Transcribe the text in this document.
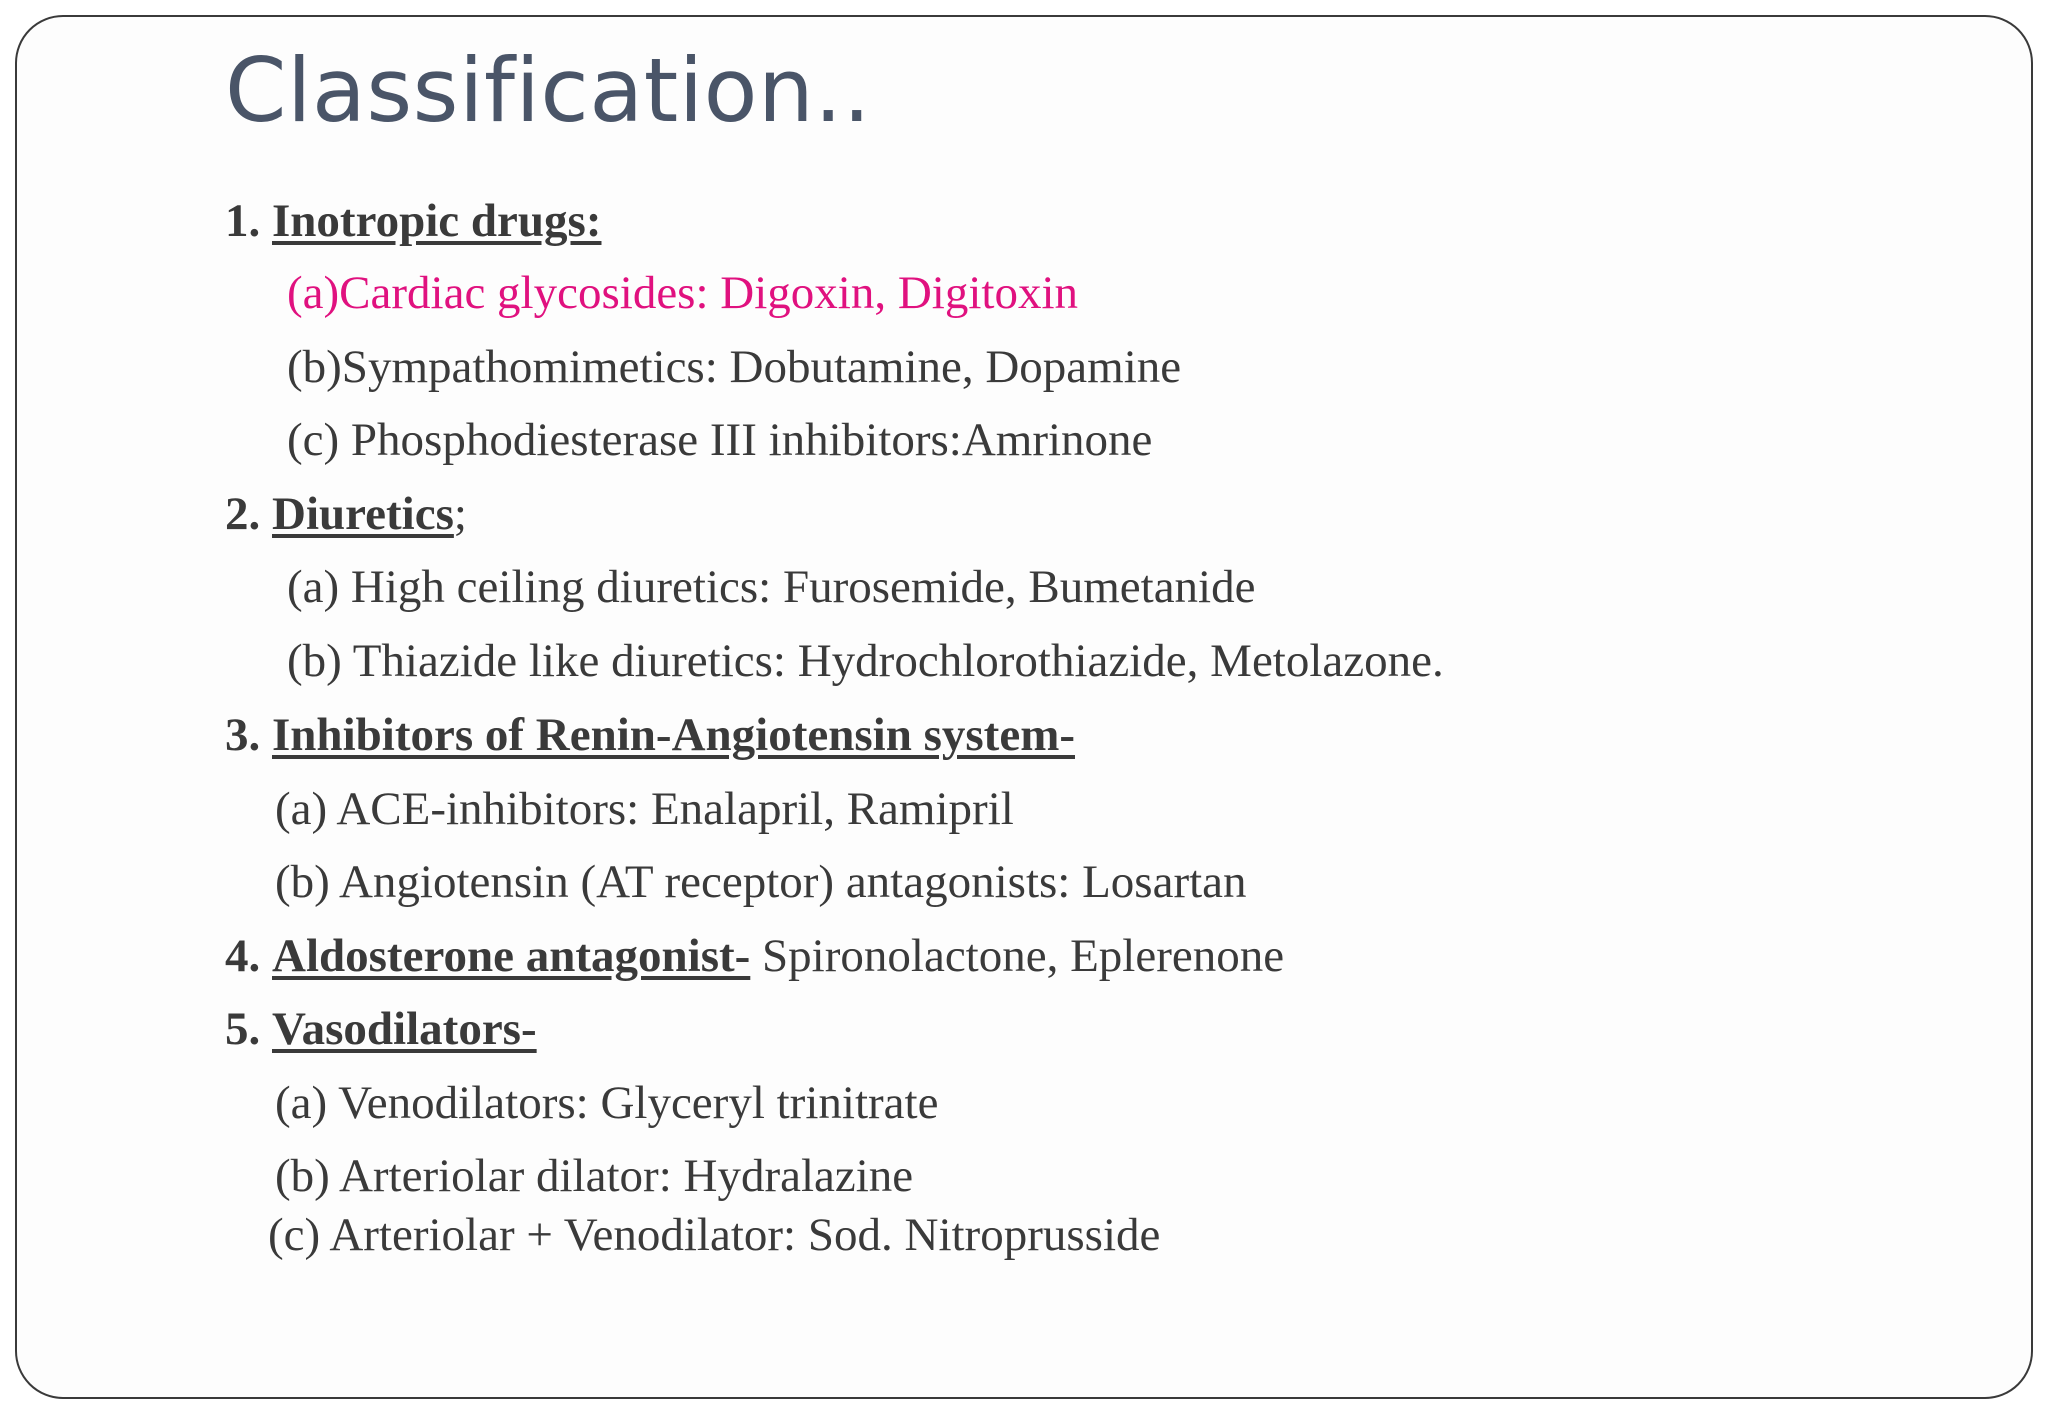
Classification..
1. Inotropic drugs:
(a)Cardiac glycosides: Digoxin, Digitoxin
(b)Sympathomimetics: Dobutamine, Dopamine
(c) Phosphodiesterase III inhibitors:Amrinone
2. Diuretics;
(a) High ceiling diuretics: Furosemide, Bumetanide
(b) Thiazide like diuretics: Hydrochlorothiazide, Metolazone.
3. Inhibitors of Renin-Angiotensin system-
(a) ACE-inhibitors: Enalapril, Ramipril
(b) Angiotensin (AT receptor) antagonists: Losartan
4. Aldosterone antagonist- Spironolactone, Eplerenone
5. Vasodilators-
(a) Venodilators: Glyceryl trinitrate
(b) Arteriolar dilator: Hydralazine
(c) Arteriolar + Venodilator: Sod. Nitroprusside
